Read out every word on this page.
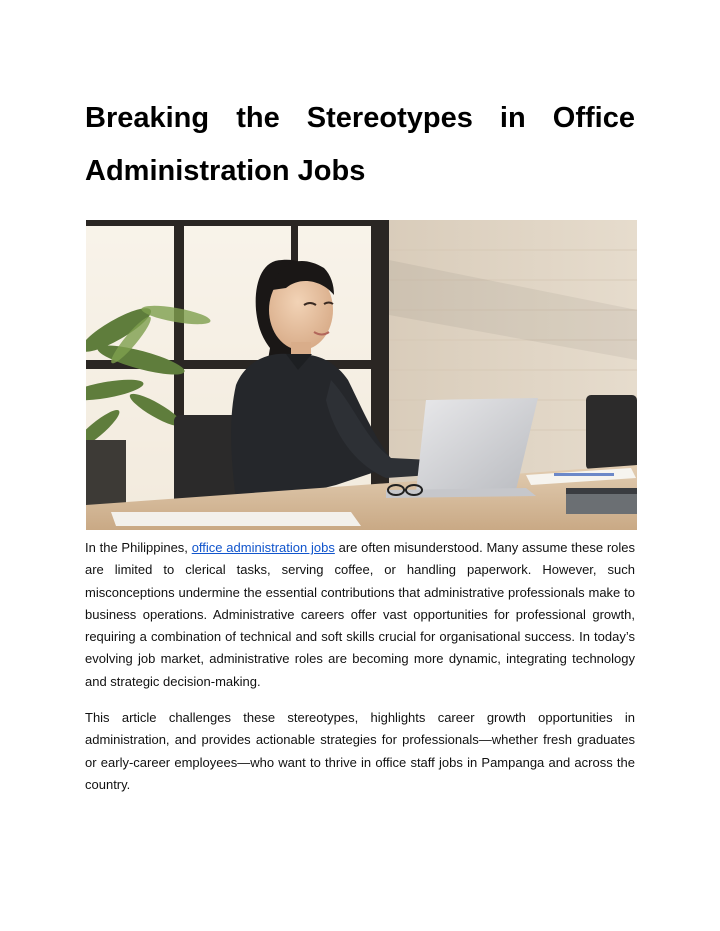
Breaking the Stereotypes in Office Administration Jobs

In the Philippines, office administration jobs are often misunderstood. Many assume these roles are limited to clerical tasks, serving coffee, or handling paperwork. However, such misconceptions undermine the essential contributions that administrative professionals make to business operations. Administrative careers offer vast opportunities for professional growth, requiring a combination of technical and soft skills crucial for organisational success. In today’s evolving job market, administrative roles are becoming more dynamic, integrating technology and strategic decision-making.

This article challenges these stereotypes, highlights career growth opportunities in administration, and provides actionable strategies for professionals—whether fresh graduates or early-career employees—who want to thrive in office staff jobs in Pampanga and across the country.
